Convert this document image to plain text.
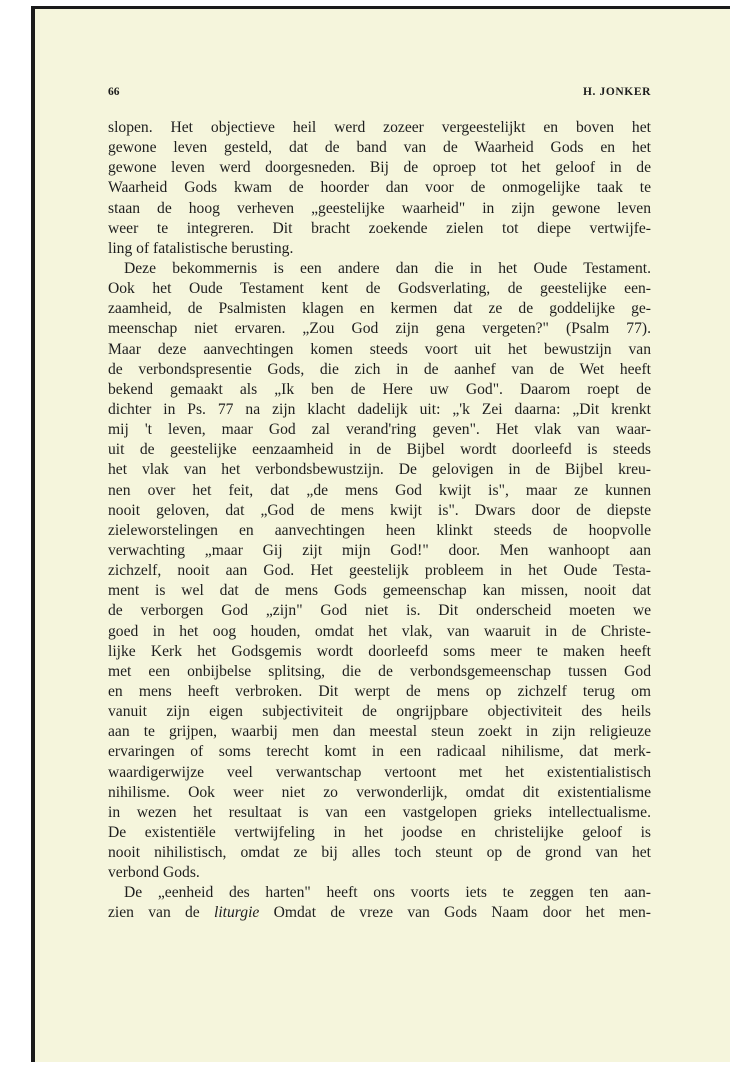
66	H. JONKER
slopen. Het objectieve heil werd zozeer vergeestelijkt en boven het
gewone leven gesteld, dat de band van de Waarheid Gods en het
gewone leven werd doorgesneden. Bij de oproep tot het geloof in de
Waarheid Gods kwam de hoorder dan voor de onmogelijke taak te
staan de hoog verheven „geestelijke waarheid" in zijn gewone leven
weer te integreren. Dit bracht zoekende zielen tot diepe vertwijfe-
ling of fatalistische berusting.
Deze bekommernis is een andere dan die in het Oude Testament.
Ook het Oude Testament kent de Godsverlating, de geestelijke een-
zaamheid, de Psalmisten klagen en kermen dat ze de goddelijke ge-
meenschap niet ervaren. „Zou God zijn gena vergeten?" (Psalm 77).
Maar deze aanvechtingen komen steeds voort uit het bewustzijn van
de verbondspresentie Gods, die zich in de aanhef van de Wet heeft
bekend gemaakt als „Ik ben de Here uw God". Daarom roept de
dichter in Ps. 77 na zijn klacht dadelijk uit: „'k Zei daarna: „Dit krenkt
mij 't leven, maar God zal verand'ring geven". Het vlak van waar-
uit de geestelijke eenzaamheid in de Bijbel wordt doorleefd is steeds
het vlak van het verbondsbewustzijn. De gelovigen in de Bijbel kreu-
nen over het feit, dat „de mens God kwijt is", maar ze kunnen
nooit geloven, dat „God de mens kwijt is". Dwars door de diepste
zieleworstelingen en aanvechtingen heen klinkt steeds de hoopvolle
verwachting „maar Gij zijt mijn God!" door. Men wanhoopt aan
zichzelf, nooit aan God. Het geestelijk probleem in het Oude Testa-
ment is wel dat de mens Gods gemeenschap kan missen, nooit dat
de verborgen God „zijn" God niet is. Dit onderscheid moeten we
goed in het oog houden, omdat het vlak, van waaruit in de Christe-
lijke Kerk het Godsgemis wordt doorleefd soms meer te maken heeft
met een onbijbelse splitsing, die de verbondsgemeenschap tussen God
en mens heeft verbroken. Dit werpt de mens op zichzelf terug om
vanuit zijn eigen subjectiviteit de ongrijpbare objectiviteit des heils
aan te grijpen, waarbij men dan meestal steun zoekt in zijn religieuze
ervaringen of soms terecht komt in een radicaal nihilisme, dat merk-
waardigerwijze veel verwantschap vertoont met het existentialistisch
nihilisme. Ook weer niet zo verwonderlijk, omdat dit existentialisme
in wezen het resultaat is van een vastgelopen grieks intellectualisme.
De existentiële vertwijfeling in het joodse en christelijke geloof is
nooit nihilistisch, omdat ze bij alles toch steunt op de grond van het
verbond Gods.
De „eenheid des harten" heeft ons voorts iets te zeggen ten aan-
zien van de liturgie Omdat de vreze van Gods Naam door het men-
